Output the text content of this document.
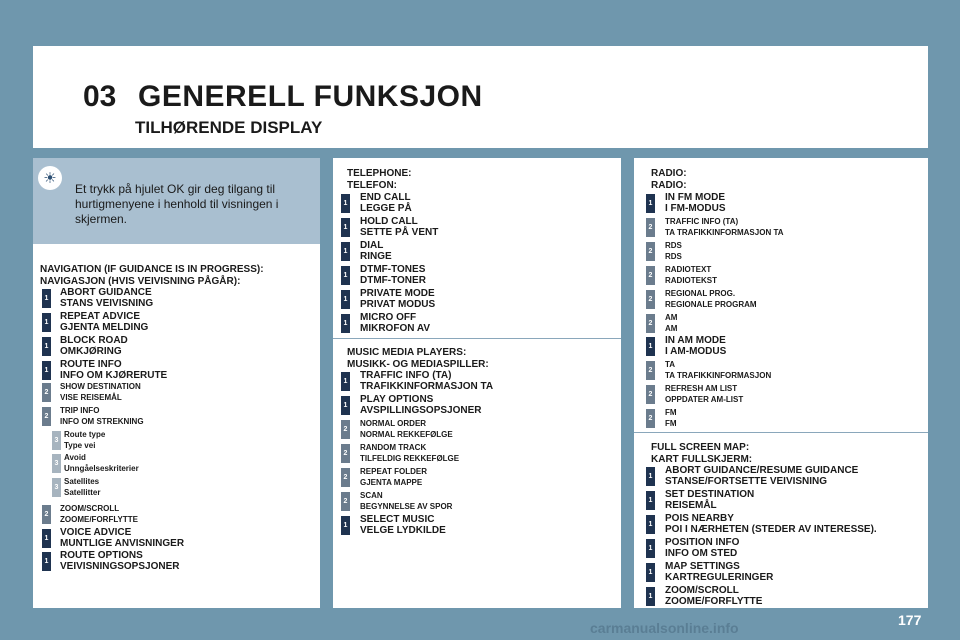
03 GENERELL FUNKSJON
TILHØRENDE DISPLAY
☀
Et trykk på hjulet OK gir deg tilgang til hurtigmenyene i henhold til visningen i skjermen.
NAVIGATION (IF GUIDANCE IS IN PROGRESS):
NAVIGASJON (HVIS VEIVISNING PÅGÅR):
TELEPHONE:
TELEFON:
MUSIC MEDIA PLAYERS:
MUSIKK- OG MEDIASPILLER:
RADIO:
RADIO:
FULL SCREEN MAP:
KART FULLSKJERM:
1
ABORT GUIDANCE
STANS VEIVISNING
1
REPEAT ADVICE
GJENTA MELDING
1
BLOCK ROAD
OMKJØRING
1
ROUTE INFO
INFO OM KJØRERUTE
2
SHOW DESTINATION
VISE REISEMÅL
2
TRIP INFO
INFO OM STREKNING
3
Route type
Type vei
3
Avoid
Unngåelseskriterier
3
Satellites
Satellitter
2
ZOOM/SCROLL
ZOOME/FORFLYTTE
1
VOICE ADVICE
MUNTLIGE ANVISNINGER
1
ROUTE OPTIONS
VEIVISNINGSOPSJONER
1
END CALL
LEGGE PÅ
1
HOLD CALL
SETTE PÅ VENT
1
DIAL
RINGE
1
DTMF-TONES
DTMF-TONER
1
PRIVATE MODE
PRIVAT MODUS
1
MICRO OFF
MIKROFON AV
1
TRAFFIC INFO (TA)
TRAFIKKINFORMASJON TA
1
PLAY OPTIONS
AVSPILLINGSOPSJONER
2
NORMAL ORDER
NORMAL REKKEFØLGE
2
RANDOM TRACK
TILFELDIG REKKEFØLGE
2
REPEAT FOLDER
GJENTA MAPPE
2
SCAN
BEGYNNELSE AV SPOR
1
SELECT MUSIC
VELGE LYDKILDE
1
IN FM MODE
I FM-MODUS
2
TRAFFIC INFO (TA)
TA TRAFIKKINFORMASJON TA
2
RDS
RDS
2
RADIOTEXT
RADIOTEKST
2
REGIONAL PROG.
REGIONALE PROGRAM
2
AM
AM
1
IN AM MODE
I AM-MODUS
2
TA
TA TRAFIKKINFORMASJON
2
REFRESH AM LIST
OPPDATER AM-LIST
2
FM
FM
1
ABORT GUIDANCE/RESUME GUIDANCE
STANSE/FORTSETTE VEIVISNING
1
SET DESTINATION
REISEMÅL
1
POIS NEARBY
POI I NÆRHETEN (STEDER AV INTERESSE).
1
POSITION INFO
INFO OM STED
1
MAP SETTINGS
KARTREGULERINGER
1
ZOOM/SCROLL
ZOOME/FORFLYTTE
177
carmanualsonline.info
